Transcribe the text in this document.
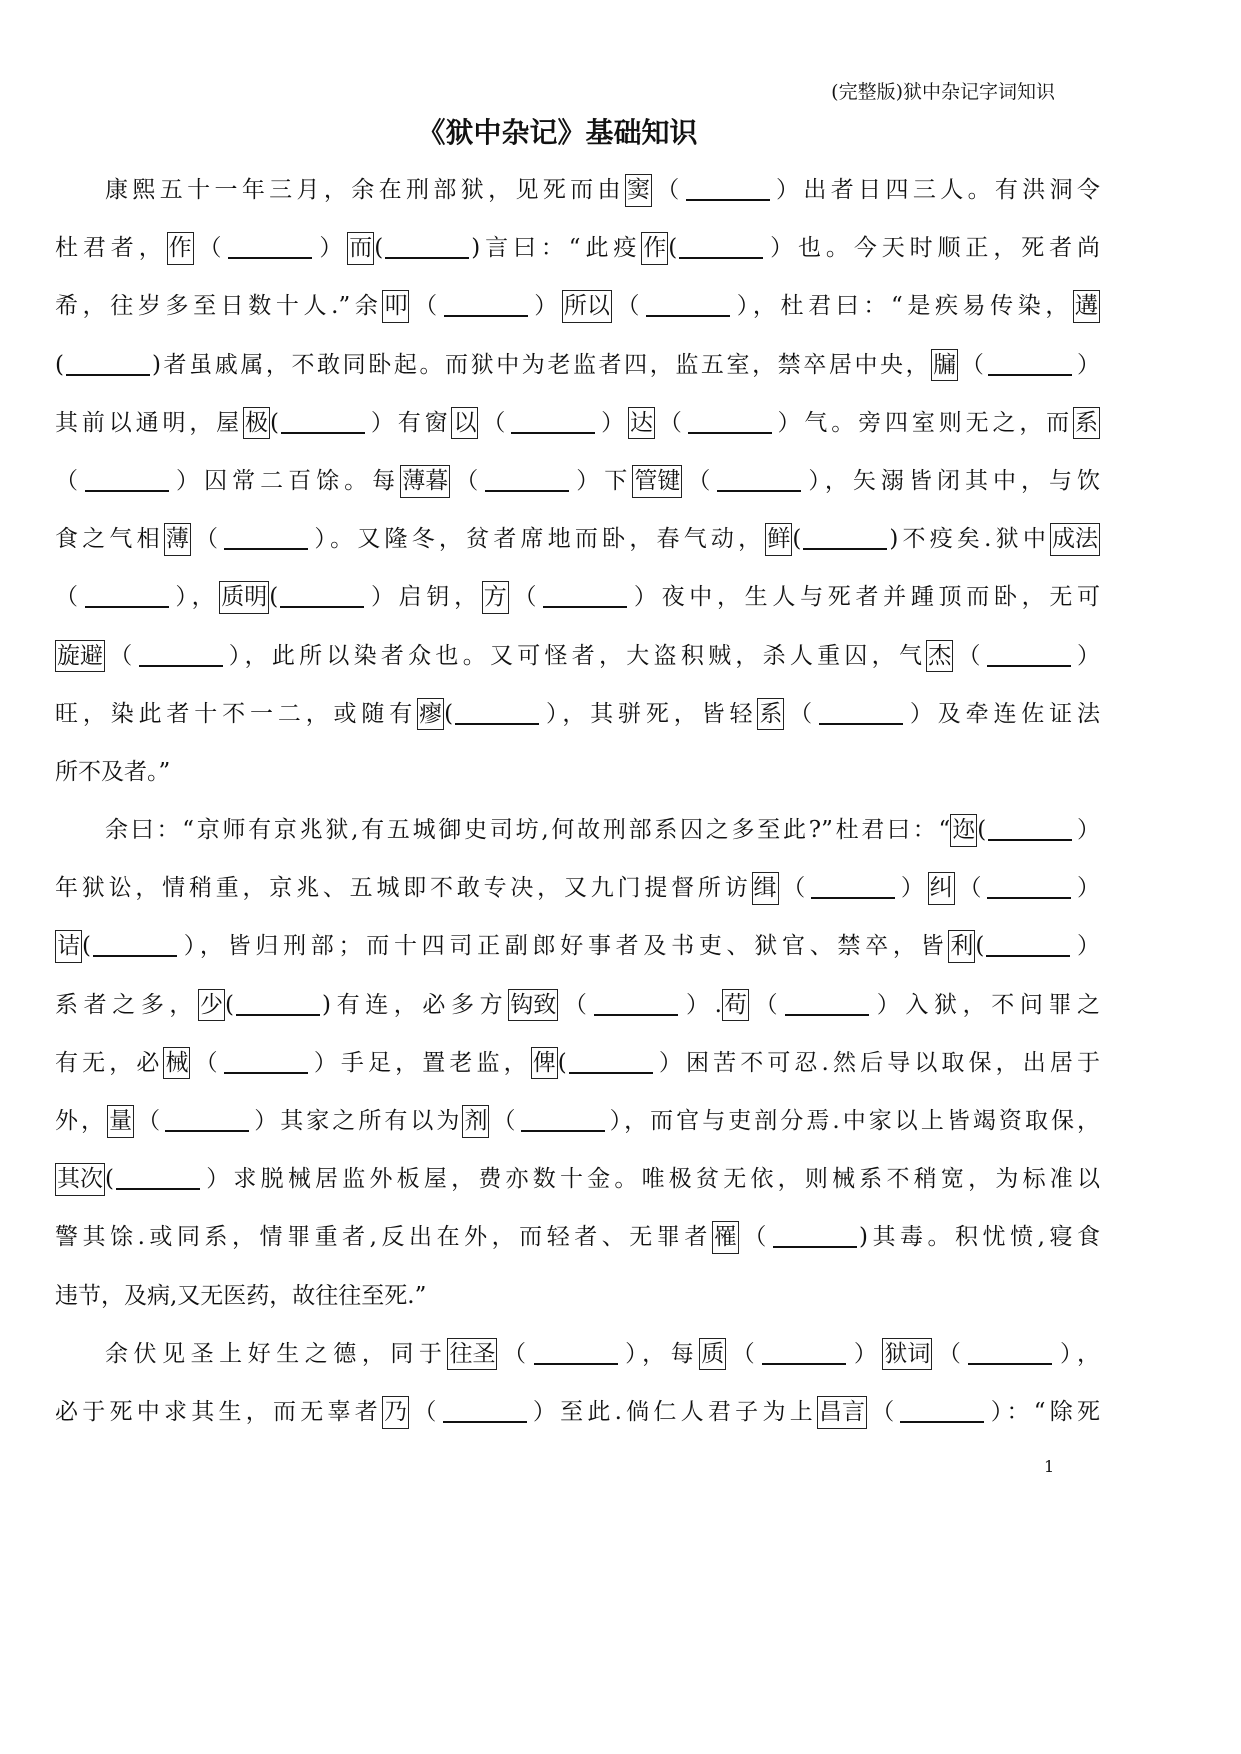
(完整版)狱中杂记字词知识
《狱中杂记》基础知识
康熙五十一年三月，余在刑部狱，见死而由窦（	）出者日四三人。有洪洞令
杜君者，作（	）而(	)言曰：“此疫作(	）也。今天时顺正，死者尚
希，往岁多至日数十人.”余叩（	）所以（	），杜君曰：“是疾易传染，遘
(	)者虽戚属，不敢同卧起。而狱中为老监者四，监五室，禁卒居中央，牖（	）
其前以通明，屋极(	）有窗以（	）达（	）气。旁四室则无之，而系
（	）囚常二百馀。每薄暮（	）下管键（	），矢溺皆闭其中，与饮
食之气相薄（	）。又隆冬，贫者席地而卧，春气动，鲜(	)不疫矣.狱中成法
（	），质明(	）启钥，方（	）夜中，生人与死者并踵顶而卧，无可
旋避（	），此所以染者众也。又可怪者，大盗积贼，杀人重囚，气杰（	）
旺，染此者十不一二，或随有瘳(	），其骈死，皆轻系（	）及牵连佐证法
所不及者。”
余曰：“京师有京兆狱,有五城御史司坊,何故刑部系囚之多至此?”杜君曰：“迩(	）
年狱讼，情稍重，京兆、五城即不敢专决，又九门提督所访缉（	）纠（	）
诘(	），皆归刑部；而十四司正副郎好事者及书吏、狱官、禁卒，皆利(	）
系者之多，少(	)有连，必多方钩致（	）.苟（	）入狱，不问罪之
有无，必械（	）手足，置老监，俾(	）困苦不可忍.然后导以取保，出居于
外，量（	）其家之所有以为剂（	），而官与吏剖分焉.中家以上皆竭资取保，
其次(	）求脱械居监外板屋，费亦数十金。唯极贫无依，则械系不稍宽，为标准以
警其馀.或同系，情罪重者,反出在外，而轻者、无罪者罹（	)其毒。积忧愤,寝食
违节，及病,又无医药，故往往至死.”
余伏见圣上好生之德，同于往圣（	），每质（	）狱词（	），
必于死中求其生，而无辜者乃（	）至此.倘仁人君子为上昌言（	）：“除死
1
